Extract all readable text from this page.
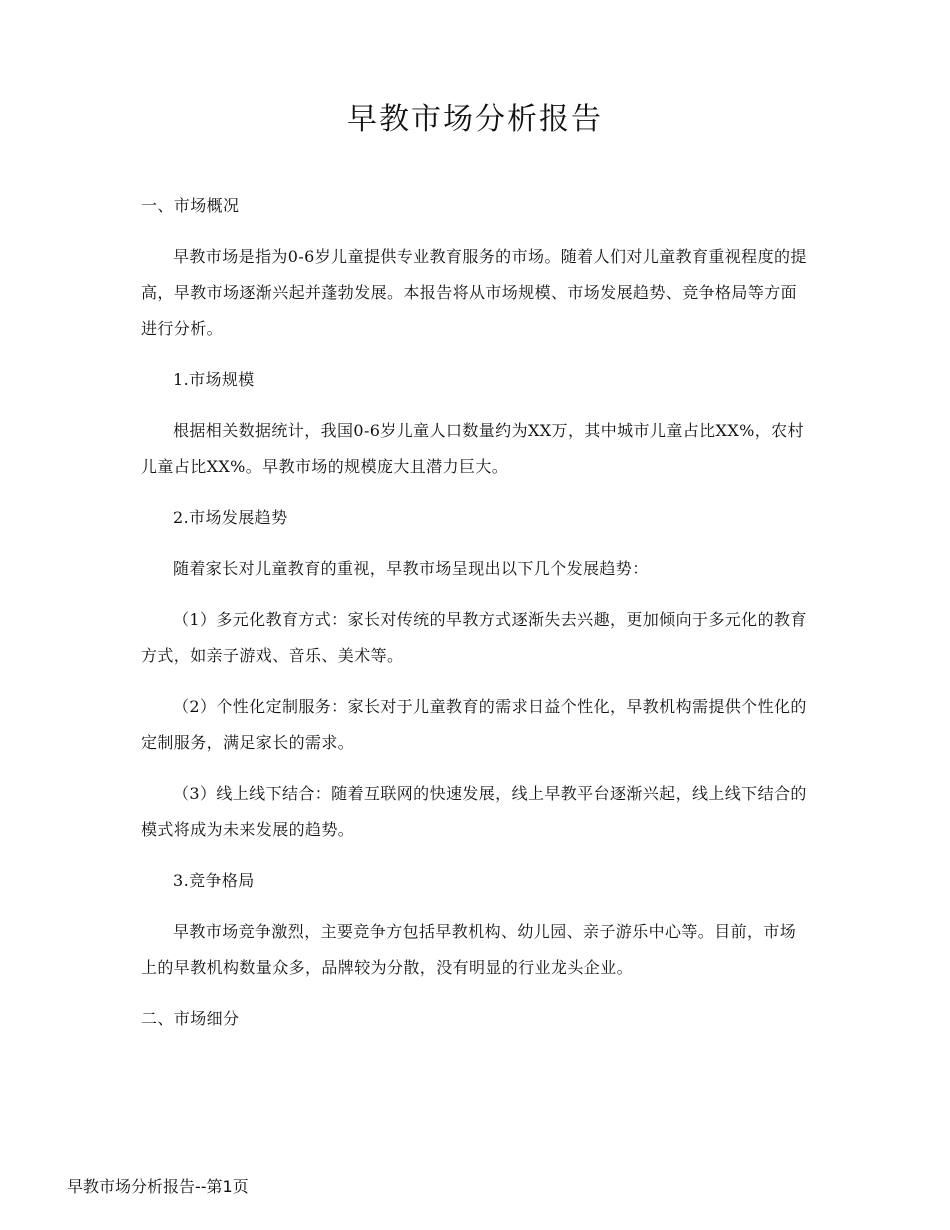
早教市场分析报告

一、市场概况

早教市场是指为0-6岁儿童提供专业教育服务的市场。随着人们对儿童教育重视程度的提高，早教市场逐渐兴起并蓬勃发展。本报告将从市场规模、市场发展趋势、竞争格局等方面进行分析。

1.市场规模

根据相关数据统计，我国0-6岁儿童人口数量约为XX万，其中城市儿童占比XX%，农村儿童占比XX%。早教市场的规模庞大且潜力巨大。

2.市场发展趋势

随着家长对儿童教育的重视，早教市场呈现出以下几个发展趋势：

（1）多元化教育方式：家长对传统的早教方式逐渐失去兴趣，更加倾向于多元化的教育方式，如亲子游戏、音乐、美术等。

（2）个性化定制服务：家长对于儿童教育的需求日益个性化，早教机构需提供个性化的定制服务，满足家长的需求。

（3）线上线下结合：随着互联网的快速发展，线上早教平台逐渐兴起，线上线下结合的模式将成为未来发展的趋势。

3.竞争格局

早教市场竞争激烈，主要竞争方包括早教机构、幼儿园、亲子游乐中心等。目前，市场上的早教机构数量众多，品牌较为分散，没有明显的行业龙头企业。

二、市场细分

早教市场分析报告--第1页
